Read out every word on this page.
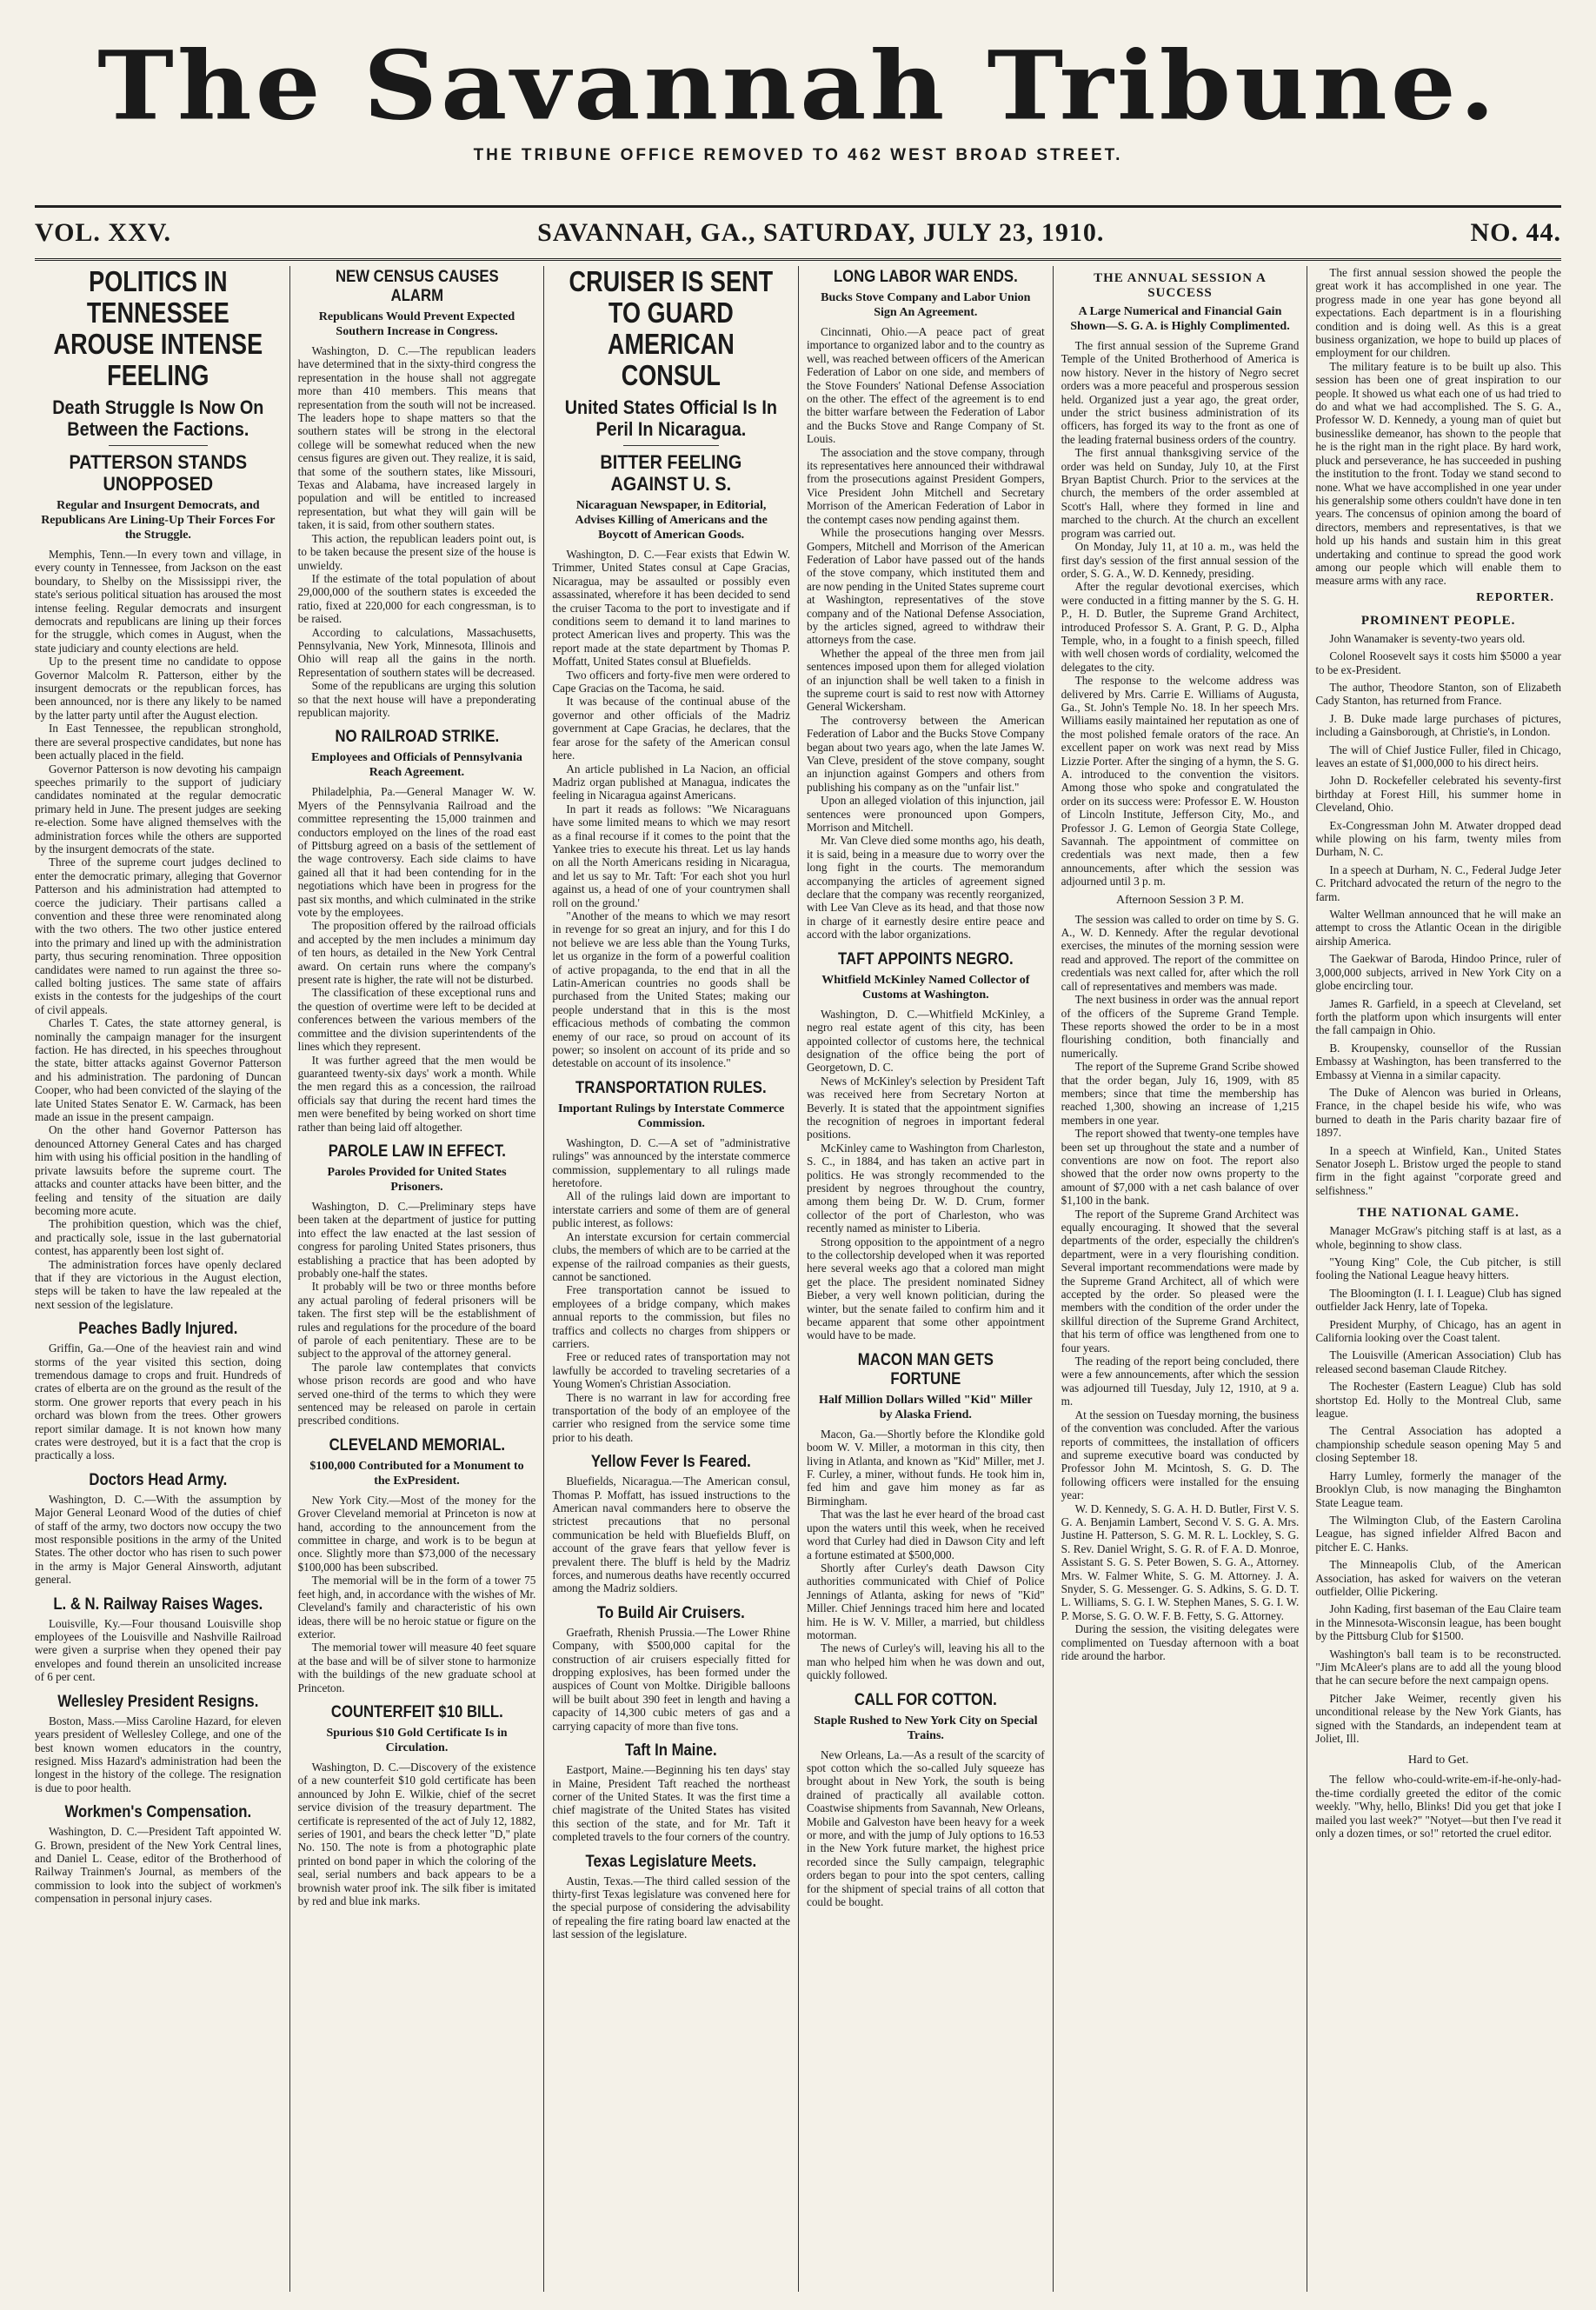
The Savannah Tribune.
THE TRIBUNE OFFICE REMOVED TO 462 WEST BROAD STREET.
VOL. XXV.	SAVANNAH, GA., SATURDAY, JULY 23, 1910.	NO. 44.
POLITICS IN TENNESSEE AROUSE INTENSE FEELING
Death Struggle Is Now On Between the Factions.
PATTERSON STANDS UNOPPOSED
Regular and Insurgent Democrats, and Republicans Are Lining-Up Their Forces For the Struggle.

Memphis, Tenn.—In every town and village, in every county in Tennessee, from Jackson on the east boundary, to Shelby on the Mississippi river, the state's serious political situation has aroused the most intense feeling. Regular democrats and insurgent democrats and republicans are lining up their forces for the struggle, which comes in August, when the state judiciary and county elections are held.

Up to the present time no candidate to oppose Governor Malcolm R. Patterson, either by the insurgent democrats or the republican forces, has been announced, nor is there any likely to be named by the latter party until after the August election.

In East Tennessee, the republican stronghold, there are several prospective candidates, but none has been actually placed in the field.

Governor Patterson is now devoting his campaign speeches primarily to the support of judiciary candidates nominated at the regular democratic primary held in June. The present judges are seeking re-election. Some have aligned themselves with the administration forces while the others are supported by the insurgent democrats of the state.

Three of the supreme court judges declined to enter the democratic primary, alleging that Governor Patterson and his administration had attempted to coerce the judiciary. Their partisans called a convention and these three were renominated along with the two others. The two other justice entered into the primary and lined up with the administration party, thus securing renomination. Three opposition candidates were named to run against the three so-called bolting justices. The same state of affairs exists in the contests for the judgeships of the court of civil appeals.

Charles T. Cates, the state attorney general, is nominally the campaign manager for the insurgent faction. He has directed, in his speeches throughout the state, bitter attacks against Governor Patterson and his administration. The pardoning of Duncan Cooper, who had been convicted of the slaying of the late United States Senator E. W. Carmack, has been made an issue in the present campaign.

On the other hand Governor Patterson has denounced Attorney General Cates and has charged him with using his official position in the handling of private lawsuits before the supreme court. The attacks and counter attacks have been bitter, and the feeling and tensity of the situation are daily becoming more acute.

The prohibition question, which was the chief, and practically sole, issue in the last gubernatorial contest, has apparently been lost sight of.

The administration forces have openly declared that if they are victorious in the August election, steps will be taken to have the law repealed at the next session of the legislature.

Peaches Badly Injured.

Griffin, Ga.—One of the heaviest rain and wind storms of the year visited this section, doing tremendous damage to crops and fruit. Hundreds of crates of elberta are on the ground as the result of the storm. One grower reports that every peach in his orchard was blown from the trees. Other growers report similar damage. It is not known how many crates were destroyed, but it is a fact that the crop is practically a loss.

Doctors Head Army.

Washington, D. C.—With the assumption by Major General Leonard Wood of the duties of chief of staff of the army, two doctors now occupy the two most responsible positions in the army of the United States. The other doctor who has risen to such power in the army is Major General Ainsworth, adjutant general.

L. & N. Railway Raises Wages.

Louisville, Ky.—Four thousand Louisville shop employees of the Louisville and Nashville Railroad were given a surprise when they opened their pay envelopes and found therein an unsolicited increase of 6 per cent.

Wellesley President Resigns.

Boston, Mass.—Miss Caroline Hazard, for eleven years president of Wellesley College, and one of the best known women educators in the country, resigned. Miss Hazard's administration had been the longest in the history of the college. The resignation is due to poor health.

Workmen's Compensation.

Washington, D. C.—President Taft appointed W. G. Brown, president of the New York Central lines, and Daniel L. Cease, editor of the Brotherhood of Railway Trainmen's Journal, as members of the commission to look into the subject of workmen's compensation in personal injury cases.

NEW CENSUS CAUSES ALARM
Republicans Would Prevent Expected Southern Increase in Congress.

Washington, D. C.—The republican leaders have determined that in the sixty-third congress the representation in the house shall not aggregate more than 410 members. This means that representation from the south will not be increased. The leaders hope to shape matters so that the southern states will be strong in the electoral college will be somewhat reduced when the new census figures are given out. They realize, it is said, that some of the southern states, like Missouri, Texas and Alabama, have increased largely in population and will be entitled to increased representation, but what they will gain will be taken, it is said, from other southern states.

This action, the republican leaders point out, is to be taken because the present size of the house is unwieldy.

If the estimate of the total population of about 29,000,000 of the southern states is exceeded the ratio, fixed at 220,000 for each congressman, is to be raised.

According to calculations, Massachusetts, Pennsylvania, New York, Minnesota, Illinois and Ohio will reap all the gains in the north. Representation of southern states will be decreased.

Some of the republicans are urging this solution so that the next house will have a preponderating republican majority.

NO RAILROAD STRIKE.
Employees and Officials of Pennsylvania Reach Agreement.

Philadelphia, Pa.—General Manager W. W. Myers of the Pennsylvania Railroad and the committee representing the 15,000 trainmen and conductors employed on the lines of the road east of Pittsburg agreed on a basis of the settlement of the wage controversy. Each side claims to have gained all that it had been contending for in the negotiations which have been in progress for the past six months, and which culminated in the strike vote by the employees.

The proposition offered by the railroad officials and accepted by the men includes a minimum day of ten hours, as detailed in the New York Central award. On certain runs where the company's present rate is higher, the rate will not be disturbed.

The classification of these exceptional runs and the question of overtime were left to be decided at conferences between the various members of the committee and the division superintendents of the lines which they represent.

It was further agreed that the men would be guaranteed twenty-six days' work a month. While the men regard this as a concession, the railroad officials say that during the recent hard times the men were benefited by being worked on short time rather than being laid off altogether.

PAROLE LAW IN EFFECT.
Paroles Provided for United States Prisoners.

Washington, D. C.—Preliminary steps have been taken at the department of justice for putting into effect the law enacted at the last session of congress for paroling United States prisoners, thus establishing a practice that has been adopted by probably one-half the states.

It probably will be two or three months before any actual paroling of federal prisoners will be taken. The first step will be the establishment of rules and regulations for the procedure of the board of parole of each penitentiary. These are to be subject to the approval of the attorney general.

The parole law contemplates that convicts whose prison records are good and who have served one-third of the terms to which they were sentenced may be released on parole in certain prescribed conditions.

CLEVELAND MEMORIAL.
$100,000 Contributed for a Monument to the ExPresident.

New York City.—Most of the money for the Grover Cleveland memorial at Princeton is now at hand, according to the announcement from the committee in charge, and work is to be begun at once. Slightly more than $73,000 of the necessary $100,000 has been subscribed.

The memorial will be in the form of a tower 75 feet high, and, in accordance with the wishes of Mr. Cleveland's family and characteristic of his own ideas, there will be no heroic statue or figure on the exterior.

The memorial tower will measure 40 feet square at the base and will be of silver stone to harmonize with the buildings of the new graduate school at Princeton.

COUNTERFEIT $10 BILL.
Spurious $10 Gold Certificate Is in Circulation.

Washington, D. C.—Discovery of the existence of a new counterfeit $10 gold certificate has been announced by John E. Wilkie, chief of the secret service division of the treasury department. The certificate is represented of the act of July 12, 1882, series of 1901, and bears the check letter "D," plate No. 150. The note is from a photographic plate printed on bond paper in which the coloring of the seal, serial numbers and back appears to be a brownish water proof ink. The silk fiber is imitated by red and blue ink marks.

CRUISER IS SENT TO GUARD AMERICAN CONSUL
United States Official Is In Peril In Nicaragua.
BITTER FEELING AGAINST U. S.
Nicaraguan Newspaper, in Editorial, Advises Killing of Americans and the Boycott of American Goods.

Washington, D. C.—Fear exists that Edwin W. Trimmer, United States consul at Cape Gracias, Nicaragua, may be assaulted or possibly even assassinated, wherefore it has been decided to send the cruiser Tacoma to the port to investigate and if conditions seem to demand it to land marines to protect American lives and property. This was the report made at the state department by Thomas P. Moffatt, United States consul at Bluefields.

Two officers and forty-five men were ordered to Cape Gracias on the Tacoma, he said.

It was because of the continual abuse of the governor and other officials of the Madriz government at Cape Gracias, he declares, that the fear arose for the safety of the American consul here.

An article published in La Nacion, an official Madriz organ published at Managua, indicates the feeling in Nicaragua against Americans.

In part it reads as follows: "We Nicaraguans have some limited means to which we may resort as a final recourse if it comes to the point that the Yankee tries to execute his threat. Let us lay hands on all the North Americans residing in Nicaragua, and let us say to Mr. Taft: 'For each shot you hurl against us, a head of one of your countrymen shall roll on the ground.'

"Another of the means to which we may resort in revenge for so great an injury, and for this I do not believe we are less able than the Young Turks, let us organize in the form of a powerful coalition of active propaganda, to the end that in all the Latin-American countries no goods shall be purchased from the United States; making our people understand that in this is the most efficacious methods of combating the common enemy of our race, so proud on account of its power; so insolent on account of its pride and so detestable on account of its insolence."

TRANSPORTATION RULES.
Important Rulings by Interstate Commerce Commission.

Washington, D. C.—A set of "administrative rulings" was announced by the interstate commerce commission, supplementary to all rulings made heretofore.

All of the rulings laid down are important to interstate carriers and some of them are of general public interest, as follows:

An interstate excursion for certain commercial clubs, the members of which are to be carried at the expense of the railroad companies as their guests, cannot be sanctioned.

Free transportation cannot be issued to employees of a bridge company, which makes annual reports to the commission, but files no traffics and collects no charges from shippers or carriers.

Free or reduced rates of transportation may not lawfully be accorded to traveling secretaries of a Young Women's Christian Association.

There is no warrant in law for according free transportation of the body of an employee of the carrier who resigned from the service some time prior to his death.

Yellow Fever Is Feared.

Bluefields, Nicaragua.—The American consul, Thomas P. Moffatt, has issued instructions to the American naval commanders here to observe the strictest precautions that no personal communication be held with Bluefields Bluff, on account of the grave fears that yellow fever is prevalent there. The bluff is held by the Madriz forces, and numerous deaths have recently occurred among the Madriz soldiers.

To Build Air Cruisers.

Graefrath, Rhenish Prussia.—The Lower Rhine Company, with $500,000 capital for the construction of air cruisers especially fitted for dropping explosives, has been formed under the auspices of Count von Moltke. Dirigible balloons will be built about 390 feet in length and having a capacity of 14,300 cubic meters of gas and a carrying capacity of more than five tons.

Taft In Maine.

Eastport, Maine.—Beginning his ten days' stay in Maine, President Taft reached the northeast corner of the United States. It was the first time a chief magistrate of the United States has visited this section of the state, and for Mr. Taft it completed travels to the four corners of the country.

Texas Legislature Meets.

Austin, Texas.—The third called session of the thirty-first Texas legislature was convened here for the special purpose of considering the advisability of repealing the fire rating board law enacted at the last session of the legislature.

LONG LABOR WAR ENDS.
Bucks Stove Company and Labor Union Sign An Agreement.

Cincinnati, Ohio.—A peace pact of great importance to organized labor and to the country as well, was reached between officers of the American Federation of Labor on one side, and members of the Stove Founders' National Defense Association on the other. The effect of the agreement is to end the bitter warfare between the Federation of Labor and the Bucks Stove and Range Company of St. Louis.

The association and the stove company, through its representatives here announced their withdrawal from the prosecutions against President Gompers, Vice President John Mitchell and Secretary Morrison of the American Federation of Labor in the contempt cases now pending against them.

While the prosecutions hanging over Messrs. Gompers, Mitchell and Morrison of the American Federation of Labor have passed out of the hands of the stove company, which instituted them and are now pending in the United States supreme court at Washington, representatives of the stove company and of the National Defense Association, by the articles signed, agreed to withdraw their attorneys from the case.

Whether the appeal of the three men from jail sentences imposed upon them for alleged violation of an injunction shall be well taken to a finish in the supreme court is said to rest now with Attorney General Wickersham.

The controversy between the American Federation of Labor and the Bucks Stove Company began about two years ago, when the late James W. Van Cleve, president of the stove company, sought an injunction against Gompers and others from publishing his company as on the "unfair list."

Upon an alleged violation of this injunction, jail sentences were pronounced upon Gompers, Morrison and Mitchell.

Mr. Van Cleve died some months ago, his death, it is said, being in a measure due to worry over the long fight in the courts. The memorandum accompanying the articles of agreement signed declare that the company was recently reorganized, with Lee Van Cleve as its head, and that those now in charge of it earnestly desire entire peace and accord with the labor organizations.

TAFT APPOINTS NEGRO.
Whitfield McKinley Named Collector of Customs at Washington.

Washington, D. C.—Whitfield McKinley, a negro real estate agent of this city, has been appointed collector of customs here, the technical designation of the office being the port of Georgetown, D. C.

News of McKinley's selection by President Taft was received here from Secretary Norton at Beverly. It is stated that the appointment signifies the recognition of negroes in important federal positions.

McKinley came to Washington from Charleston, S. C., in 1884, and has taken an active part in politics. He was strongly recommended to the president by negroes throughout the country, among them being Dr. W. D. Crum, former collector of the port of Charleston, who was recently named as minister to Liberia.

Strong opposition to the appointment of a negro to the collectorship developed when it was reported here several weeks ago that a colored man might get the place. The president nominated Sidney Bieber, a very well known politician, during the winter, but the senate failed to confirm him and it became apparent that some other appointment would have to be made.

MACON MAN GETS FORTUNE
Half Million Dollars Willed "Kid" Miller by Alaska Friend.

Macon, Ga.—Shortly before the Klondike gold boom W. V. Miller, a motorman in this city, then living in Atlanta, and known as "Kid" Miller, met J. F. Curley, a miner, without funds. He took him in, fed him and gave him money as far as Birmingham.

That was the last he ever heard of the broad cast upon the waters until this week, when he received word that Curley had died in Dawson City and left a fortune estimated at $500,000.

Shortly after Curley's death Dawson City authorities communicated with Chief of Police Jennings of Atlanta, asking for news of "Kid" Miller. Chief Jennings traced him here and located him. He is W. V. Miller, a married, but childless motorman.

The news of Curley's will, leaving his all to the man who helped him when he was down and out, quickly followed.

CALL FOR COTTON.
Staple Rushed to New York City on Special Trains.

New Orleans, La.—As a result of the scarcity of spot cotton which the so-called July squeeze has brought about in New York, the south is being drained of practically all available cotton. Coastwise shipments from Savannah, New Orleans, Mobile and Galveston have been heavy for a week or more, and with the jump of July options to 16.53 in the New York future market, the highest price recorded since the Sully campaign, telegraphic orders began to pour into the spot centers, calling for the shipment of special trains of all cotton that could be bought.

THE ANNUAL SESSION A SUCCESS
A Large Numerical and Financial Gain Shown—S. G. A. is Highly Complimented.

The first annual session of the Supreme Grand Temple of the United Brotherhood of America is now history. Never in the history of Negro secret orders was a more peaceful and prosperous session held. Organized just a year ago, the great order, under the strict business administration of its officers, has forged its way to the front as one of the leading fraternal business orders of the country.

The first annual thanksgiving service of the order was held on Sunday, July 10, at the First Bryan Baptist Church. Prior to the services at the church, the members of the order assembled at Scott's Hall, where they formed in line and marched to the church. At the church an excellent program was carried out.

On Monday, July 11, at 10 a. m., was held the first day's session of the first annual session of the order, S. G. A., W. D. Kennedy, presiding.

After the regular devotional exercises, which were conducted in a fitting manner by the S. G. H. P., H. D. Butler, the Supreme Grand Architect, introduced Professor S. A. Grant, P. G. D., Alpha Temple, who, in a fought to a finish speech, filled with well chosen words of cordiality, welcomed the delegates to the city.

The response to the welcome address was delivered by Mrs. Carrie E. Williams of Augusta, Ga., St. John's Temple No. 18. In her speech Mrs. Williams easily maintained her reputation as one of the most polished female orators of the race. An excellent paper on work was next read by Miss Lizzie Porter. After the singing of a hymn, the S. G. A. introduced to the convention the visitors. Among those who spoke and congratulated the order on its success were: Professor E. W. Houston of Lincoln Institute, Jefferson City, Mo., and Professor J. G. Lemon of Georgia State College, Savannah. The appointment of committee on credentials was next made, then a few announcements, after which the session was adjourned until 3 p. m.

Afternoon Session 3 P. M.

The session was called to order on time by S. G. A., W. D. Kennedy. After the regular devotional exercises, the minutes of the morning session were read and approved. The report of the committee on credentials was next called for, after which the roll call of representatives and members was made.

The next business in order was the annual report of the officers of the Supreme Grand Temple. These reports showed the order to be in a most flourishing condition, both financially and numerically.

The report of the Supreme Grand Scribe showed that the order began, July 16, 1909, with 85 members; since that time the membership has reached 1,300, showing an increase of 1,215 members in one year.

The report showed that twenty-one temples have been set up throughout the state and a number of conventions are now on foot. The report also showed that the order now owns property to the amount of $7,000 with a net cash balance of over $1,100 in the bank.

The report of the Supreme Grand Architect was equally encouraging. It showed that the several departments of the order, especially the children's department, were in a very flourishing condition. Several important recommendations were made by the Supreme Grand Architect, all of which were accepted by the order. So pleased were the members with the condition of the order under the skillful direction of the Supreme Grand Architect, that his term of office was lengthened from one to four years.

The reading of the report being concluded, there were a few announcements, after which the session was adjourned till Tuesday, July 12, 1910, at 9 a. m.

At the session on Tuesday morning, the business of the convention was concluded. After the various reports of committees, the installation of officers and supreme executive board was conducted by Professor John M. Mcintosh, S. G. D. The following officers were installed for the ensuing year:

W. D. Kennedy, S. G. A. H. D. Butler, First V. S. G. A. Benjamin Lambert, Second V. S. G. A. Mrs. Justine H. Patterson, S. G. M. R. L. Lockley, S. G. S. Rev. Daniel Wright, S. G. R. of F. A. D. Monroe, Assistant S. G. S. Peter Bowen, S. G. A., Attorney. Mrs. W. Falmer White, S. G. M. Attorney. J. A. Snyder, S. G. Messenger. G. S. Adkins, S. G. D. T. L. Williams, S. G. I. W. Stephen Manes, S. G. I. W. P. Morse, S. G. O. W. F. B. Fetty, S. G. Attorney.

During the session, the visiting delegates were complimented on Tuesday afternoon with a boat ride around the harbor.

The first annual session showed the people the great work it has accomplished in one year. The progress made in one year has gone beyond all expectations. Each department is in a flourishing condition and is doing well. As this is a great business organization, we hope to build up places of employment for our children.

The military feature is to be built up also. This session has been one of great inspiration to our people. It showed us what each one of us had tried to do and what we had accomplished. The S. G. A., Professor W. D. Kennedy, a young man of quiet but businesslike demeanor, has shown to the people that he is the right man in the right place. By hard work, pluck and perseverance, he has succeeded in pushing the institution to the front. Today we stand second to none. What we have accomplished in one year under his generalship some others couldn't have done in ten years. The concensus of opinion among the board of directors, members and representatives, is that we hold up his hands and sustain him in this great undertaking and continue to spread the good work among our people which will enable them to measure arms with any race.

REPORTER.
PROMINENT PEOPLE.

John Wanamaker is seventy-two years old.

Colonel Roosevelt says it costs him $5000 a year to be ex-President.

The author, Theodore Stanton, son of Elizabeth Cady Stanton, has returned from France.

J. B. Duke made large purchases of pictures, including a Gainsborough, at Christie's, in London.

The will of Chief Justice Fuller, filed in Chicago, leaves an estate of $1,000,000 to his direct heirs.

John D. Rockefeller celebrated his seventy-first birthday at Forest Hill, his summer home in Cleveland, Ohio.

Ex-Congressman John M. Atwater dropped dead while plowing on his farm, twenty miles from Durham, N. C.

In a speech at Durham, N. C., Federal Judge Jeter C. Pritchard advocated the return of the negro to the farm.

Walter Wellman announced that he will make an attempt to cross the Atlantic Ocean in the dirigible airship America.

The Gaekwar of Baroda, Hindoo Prince, ruler of 3,000,000 subjects, arrived in New York City on a globe encircling tour.

James R. Garfield, in a speech at Cleveland, set forth the platform upon which insurgents will enter the fall campaign in Ohio.

B. Kroupensky, counsellor of the Russian Embassy at Washington, has been transferred to the Embassy at Vienna in a similar capacity.

The Duke of Alencon was buried in Orleans, France, in the chapel beside his wife, who was burned to death in the Paris charity bazaar fire of 1897.

In a speech at Winfield, Kan., United States Senator Joseph L. Bristow urged the people to stand firm in the fight against "corporate greed and selfishness."

THE NATIONAL GAME.

Manager McGraw's pitching staff is at last, as a whole, beginning to show class.

"Young King" Cole, the Cub pitcher, is still fooling the National League heavy hitters.

The Bloomington (I. I. I. League) Club has signed outfielder Jack Henry, late of Topeka.

President Murphy, of Chicago, has an agent in California looking over the Coast talent.

The Louisville (American Association) Club has released second baseman Claude Ritchey.

The Rochester (Eastern League) Club has sold shortstop Ed. Holly to the Montreal Club, same league.

The Central Association has adopted a championship schedule season opening May 5 and closing September 18.

Harry Lumley, formerly the manager of the Brooklyn Club, is now managing the Binghamton State League team.

The Wilmington Club, of the Eastern Carolina League, has signed infielder Alfred Bacon and pitcher E. C. Hanks.

The Minneapolis Club, of the American Association, has asked for waivers on the veteran outfielder, Ollie Pickering.

John Kading, first baseman of the Eau Claire team in the Minnesota-Wisconsin league, has been bought by the Pittsburg Club for $1500.

Washington's ball team is to be reconstructed. "Jim McAleer's plans are to add all the young blood that he can secure before the next campaign opens.

Pitcher Jake Weimer, recently given his unconditional release by the New York Giants, has signed with the Standards, an independent team at Joliet, Ill.

Hard to Get.

The fellow who-could-write-em-if-he-only-had-the-time cordially greeted the editor of the comic weekly. "Why, hello, Blinks! Did you get that joke I mailed you last week?" "Notyet—but then I've read it only a dozen times, or so!" retorted the cruel editor.
